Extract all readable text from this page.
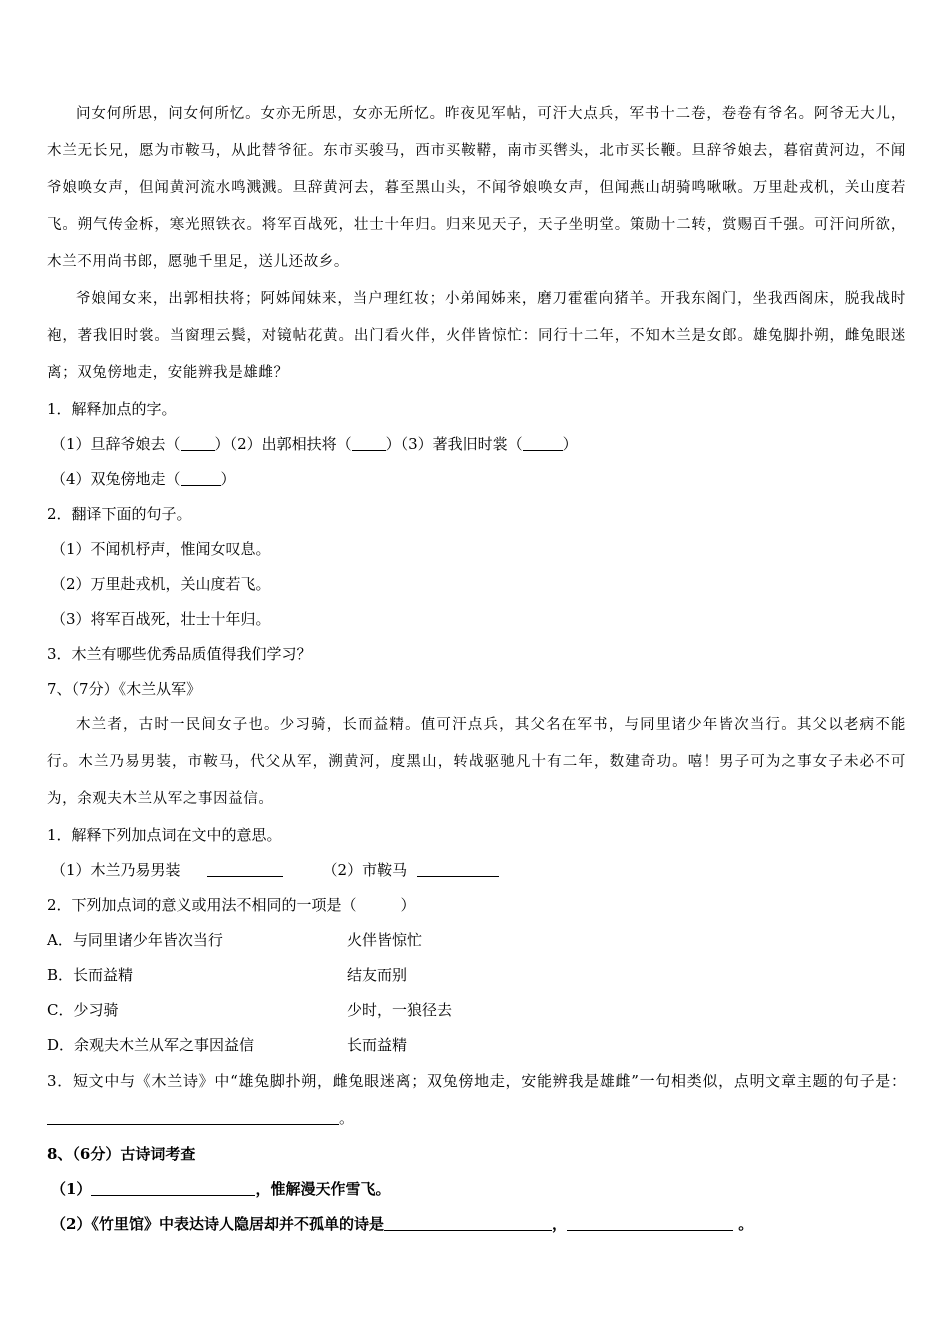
问女何所思，问女何所忆。女亦无所思，女亦无所忆。昨夜见军帖，可汗大点兵，军书十二卷，卷卷有爷名。阿爷无大儿，木兰无长兄，愿为市鞍马，从此替爷征。东市买骏马，西市买鞍鞯，南市买辔头，北市买长鞭。旦辞爷娘去，暮宿黄河边，不闻爷娘唤女声，但闻黄河流水鸣溅溅。旦辞黄河去，暮至黑山头，不闻爷娘唤女声，但闻燕山胡骑鸣啾啾。万里赴戎机，关山度若飞。朔气传金柝，寒光照铁衣。将军百战死，壮士十年归。归来见天子，天子坐明堂。策勋十二转，赏赐百千强。可汗问所欲，木兰不用尚书郎，愿驰千里足，送儿还故乡。

爷娘闻女来，出郭相扶将；阿姊闻妹来，当户理红妆；小弟闻姊来，磨刀霍霍向猪羊。开我东阁门，坐我西阁床，脱我战时袍，著我旧时裳。当窗理云鬓，对镜帖花黄。出门看火伴，火伴皆惊忙：同行十二年，不知木兰是女郎。雄兔脚扑朔，雌兔眼迷离；双兔傍地走，安能辨我是雄雌？

1．解释加点的字。
（1）旦辞爷娘去（ ）（2）出郭相扶将（ ）（3）著我旧时裳（	）
（4）双兔傍地走（	）
2．翻译下面的句子。
（1）不闻机杼声，惟闻女叹息。
（2）万里赴戎机，关山度若飞。
（3）将军百战死，壮士十年归。
3．木兰有哪些优秀品质值得我们学习？
7、（7分）《木兰从军》

木兰者，古时一民间女子也。少习骑，长而益精。值可汗点兵，其父名在军书，与同里诸少年皆次当行。其父以老病不能行。木兰乃易男装，市鞍马，代父从军，溯黄河，度黑山，转战驱驰凡十有二年，数建奇功。嘻！男子可为之事女子未必不可为，余观夫木兰从军之事因益信。

1．解释下列加点词在文中的意思。
（1）木兰乃易男装	（2）市鞍马
2．下列加点词的意义或用法不相同的一项是（	）
A．与同里诸少年皆次当行	火伴皆惊忙
B．长而益精	结友而别
C．少习骑	少时，一狼径去
D．余观夫木兰从军之事因益信	长而益精
3．短文中与《木兰诗》中“雄兔脚扑朔，雌兔眼迷离；双兔傍地走，安能辨我是雄雌”一句相类似，点明文章主题的句子是：。
8、（6分）古诗词考查
（1）	，惟解漫天作雪飞。
（2）《竹里馆》中表达诗人隐居却并不孤单的诗是	，	。
